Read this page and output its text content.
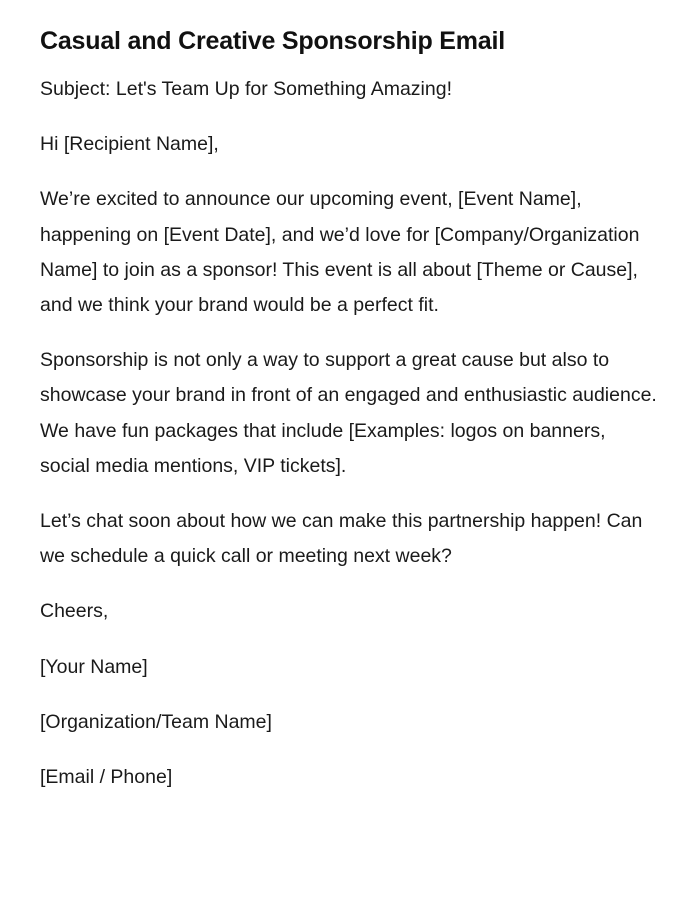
Casual and Creative Sponsorship Email

Subject: Let's Team Up for Something Amazing!

Hi [Recipient Name],

We’re excited to announce our upcoming event, [Event Name], happening on [Event Date], and we’d love for [Company/Organization Name] to join as a sponsor! This event is all about [Theme or Cause], and we think your brand would be a perfect fit.

Sponsorship is not only a way to support a great cause but also to showcase your brand in front of an engaged and enthusiastic audience. We have fun packages that include [Examples: logos on banners, social media mentions, VIP tickets].

Let’s chat soon about how we can make this partnership happen! Can we schedule a quick call or meeting next week?

Cheers,

[Your Name]

[Organization/Team Name]

[Email / Phone]
